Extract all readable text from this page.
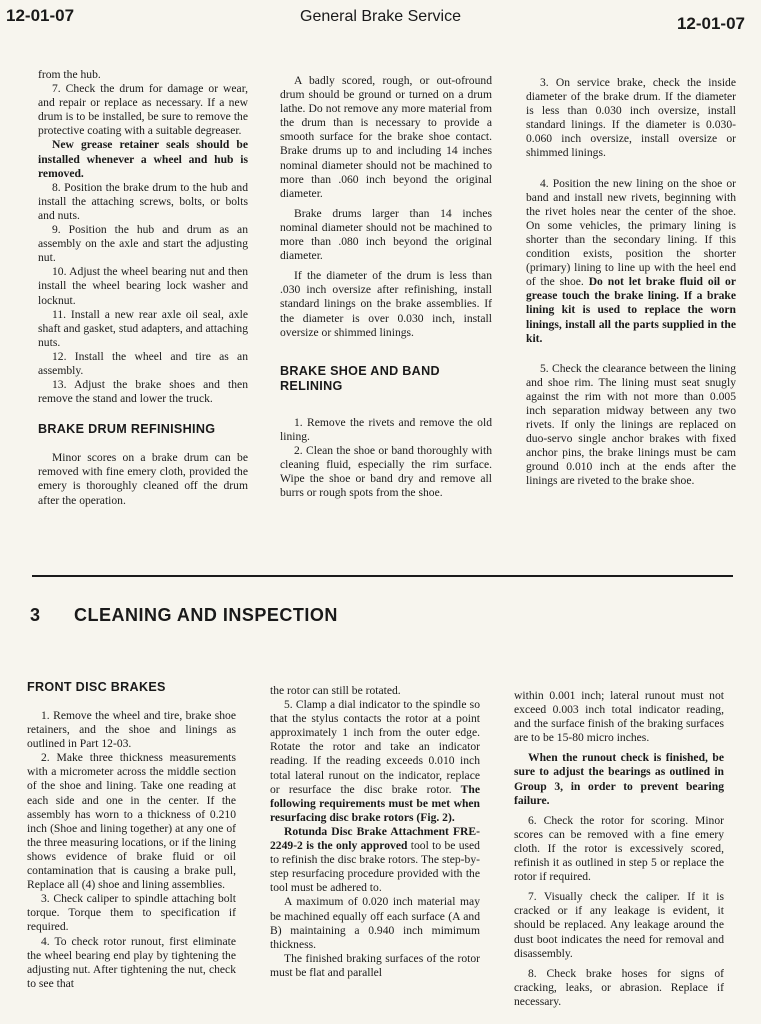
12-01-07	General Brake Service	12-01-07

from the hub.

7. Check the drum for damage or wear, and repair or replace as necessary. If a new drum is to be installed, be sure to remove the protective coating with a suitable degreaser.

New grease retainer seals should be installed whenever a wheel and hub is removed.

8. Position the brake drum to the hub and install the attaching screws, bolts, or bolts and nuts.

9. Position the hub and drum as an assembly on the axle and start the adjusting nut.

10. Adjust the wheel bearing nut and then install the wheel bearing lock washer and locknut.

11. Install a new rear axle oil seal, axle shaft and gasket, stud adapters, and attaching nuts.

12. Install the wheel and tire as an assembly.

13. Adjust the brake shoes and then remove the stand and lower the truck.

BRAKE DRUM REFINISHING

Minor scores on a brake drum can be removed with fine emery cloth, provided the emery is thoroughly cleaned off the drum after the operation.

A badly scored, rough, or out-ofround drum should be ground or turned on a drum lathe. Do not remove any more material from the drum than is necessary to provide a smooth surface for the brake shoe contact. Brake drums up to and including 14 inches nominal diameter should not be machined to more than .060 inch beyond the original diameter.

Brake drums larger than 14 inches nominal diameter should not be machined to more than .080 inch beyond the original diameter.

If the diameter of the drum is less than .030 inch oversize after refinishing, install standard linings on the brake assemblies. If the diameter is over 0.030 inch, install oversize or shimmed linings.

BRAKE SHOE AND BAND RELINING

1. Remove the rivets and remove the old lining.

2. Clean the shoe or band thoroughly with cleaning fluid, especially the rim surface. Wipe the shoe or band dry and remove all burrs or rough spots from the shoe.

3. On service brake, check the inside diameter of the brake drum. If the diameter is less than 0.030 inch oversize, install standard linings. If the diameter is 0.030-0.060 inch oversize, install oversize or shimmed linings.

4. Position the new lining on the shoe or band and install new rivets, beginning with the rivet holes near the center of the shoe. On some vehicles, the primary lining is shorter than the secondary lining. If this condition exists, position the shorter (primary) lining to line up with the heel end of the shoe. Do not let brake fluid oil or grease touch the brake lining. If a brake lining kit is used to replace the worn linings, install all the parts supplied in the kit.

5. Check the clearance between the lining and shoe rim. The lining must seat snugly against the rim with not more than 0.005 inch separation midway between any two rivets. If only the linings are replaced on duo-servo single anchor brakes with fixed anchor pins, the brake linings must be cam ground 0.010 inch at the ends after the linings are riveted to the brake shoe.

3 CLEANING AND INSPECTION

FRONT DISC BRAKES

1. Remove the wheel and tire, brake shoe retainers, and the shoe and linings as outlined in Part 12-03.

2. Make three thickness measurements with a micrometer across the middle section of the shoe and lining. Take one reading at each side and one in the center. If the assembly has worn to a thickness of 0.210 inch (Shoe and lining together) at any one of the three measuring locations, or if the lining shows evidence of brake fluid or oil contamination that is causing a brake pull, Replace all (4) shoe and lining assemblies.

3. Check caliper to spindle attaching bolt torque. Torque them to specification if required.

4. To check rotor runout, first eliminate the wheel bearing end play by tightening the adjusting nut. After tightening the nut, check to see that

the rotor can still be rotated.

5. Clamp a dial indicator to the spindle so that the stylus contacts the rotor at a point approximately 1 inch from the outer edge. Rotate the rotor and take an indicator reading. If the reading exceeds 0.010 inch total lateral runout on the indicator, replace or resurface the disc brake rotor. The following requirements must be met when resurfacing disc brake rotors (Fig. 2).

Rotunda Disc Brake Attachment FRE-2249-2 is the only approved tool to be used to refinish the disc brake rotors. The step-by-step resurfacing procedure provided with the tool must be adhered to.

A maximum of 0.020 inch material may be machined equally off each surface (A and B) maintaining a 0.940 inch mimimum thickness.

The finished braking surfaces of the rotor must be flat and parallel

within 0.001 inch; lateral runout must not exceed 0.003 inch total indicator reading, and the surface finish of the braking surfaces are to be 15-80 micro inches.

When the runout check is finished, be sure to adjust the bearings as outlined in Group 3, in order to prevent bearing failure.

6. Check the rotor for scoring. Minor scores can be removed with a fine emery cloth. If the rotor is excessively scored, refinish it as outlined in step 5 or replace the rotor if required.

7. Visually check the caliper. If it is cracked or if any leakage is evident, it should be replaced. Any leakage around the dust boot indicates the need for removal and disassembly.

8. Check brake hoses for signs of cracking, leaks, or abrasion. Replace if necessary.
